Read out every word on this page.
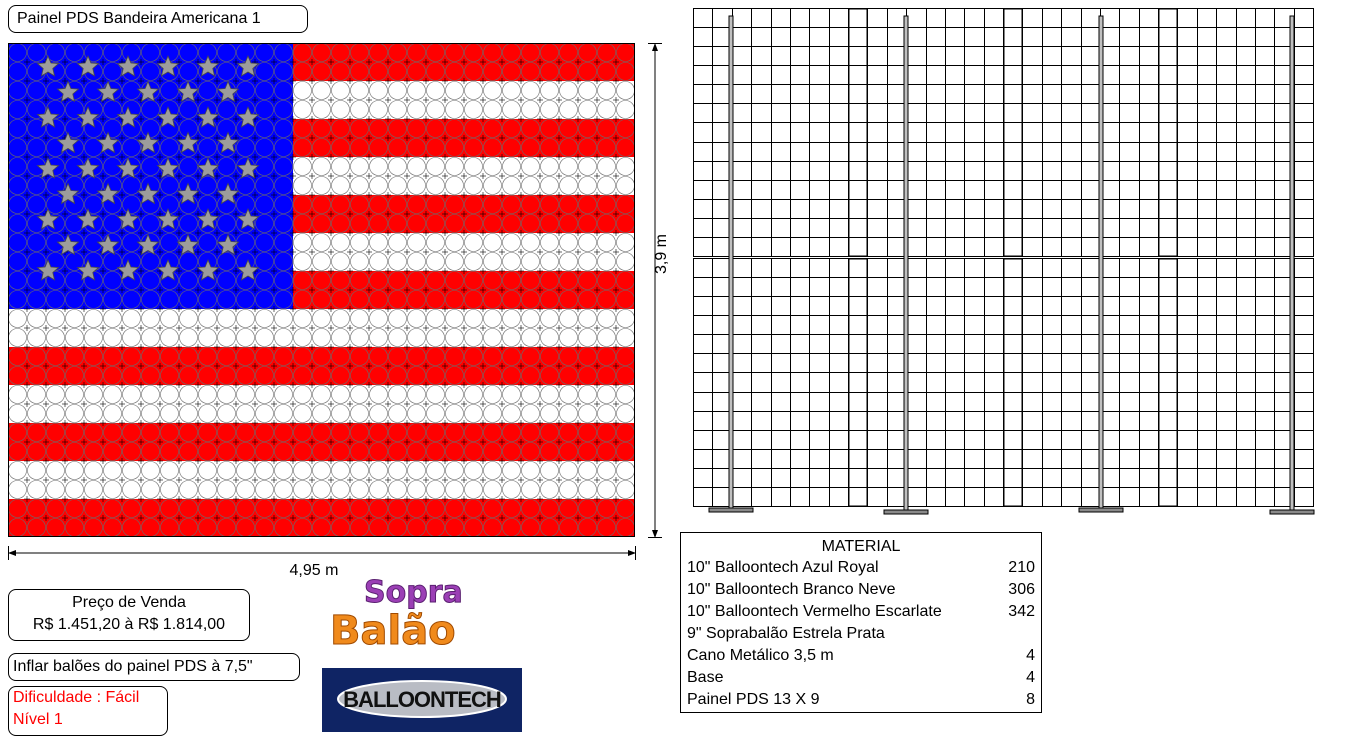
Painel PDS Bandeira Americana 1
4,95 m
3,9 m
Preço de Venda
R$ 1.451,20 à R$ 1.814,00
Inflar balões do painel PDS à 7,5"
Dificuldade : Fácil
Nível 1
Sopra
Balão
BALLOONTECH
MATERIAL
10" Balloontech Azul Royal	210
10" Balloontech Branco Neve	306
10" Balloontech Vermelho Escarlate	342
9" Soprabalão Estrela Prata
Cano Metálico 3,5 m	4
Base	4
Painel PDS 13 X 9	8
